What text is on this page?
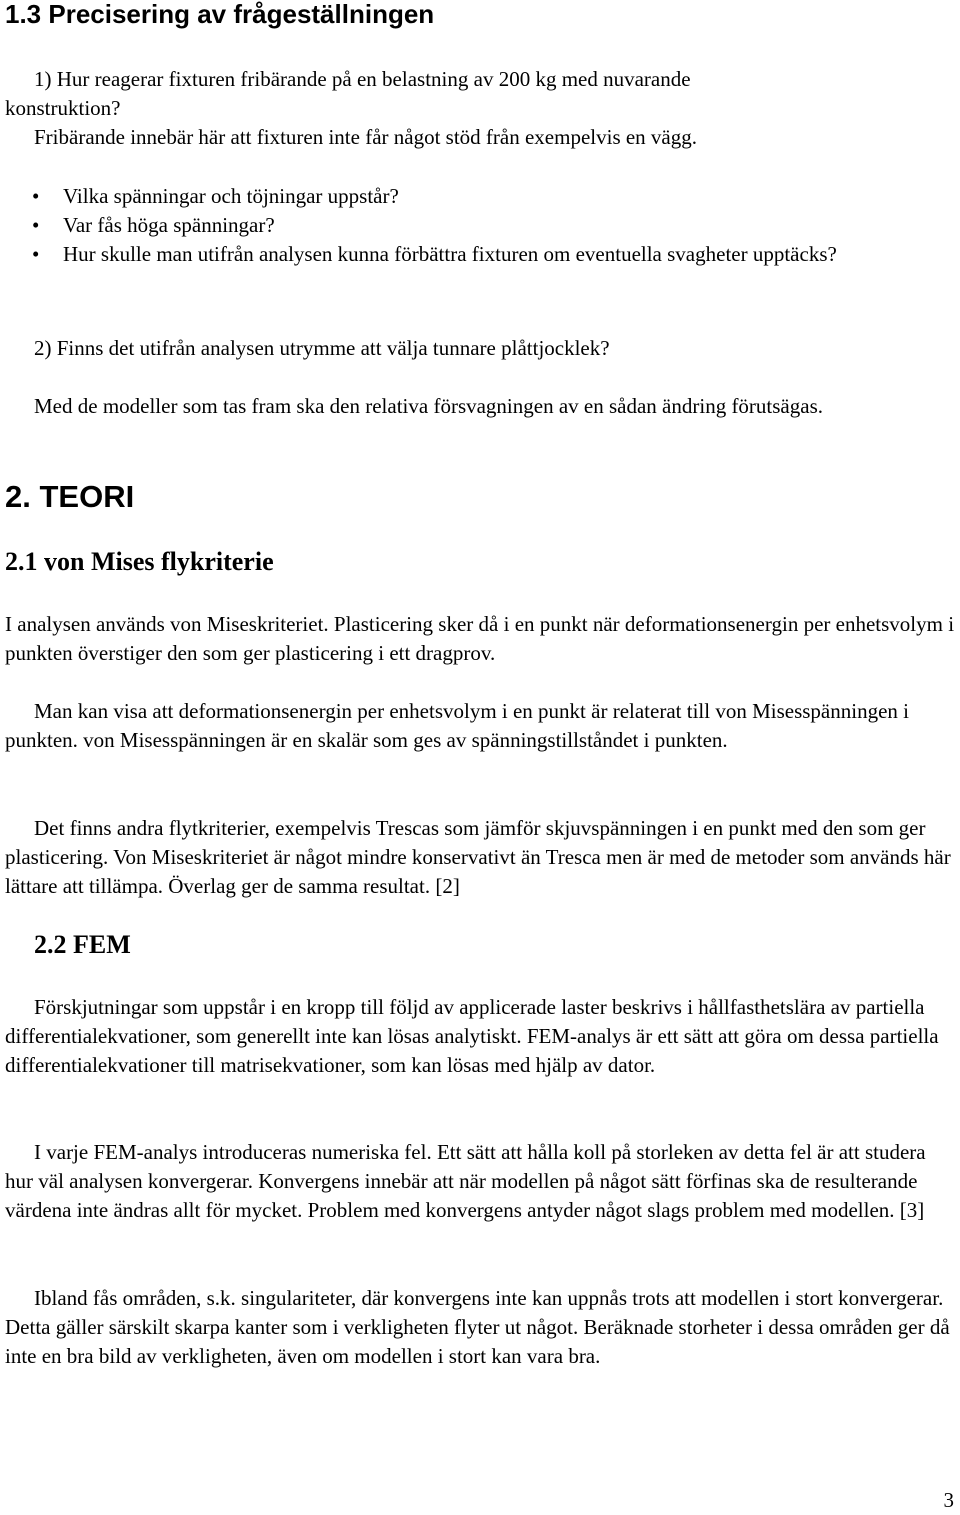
1.3 Precisering av frågeställningen

1) Hur reagerar fixturen fribärande på en belastning av 200 kg med nuvarande
konstruktion?
Fribärande innebär här att fixturen inte får något stöd från exempelvis en vägg.

• Vilka spänningar och töjningar uppstår?
• Var fås höga spänningar?
• Hur skulle man utifrån analysen kunna förbättra fixturen om eventuella svagheter upptäcks?

2) Finns det utifrån analysen utrymme att välja tunnare plåttjocklek?

Med de modeller som tas fram ska den relativa försvagningen av en sådan ändring förutsägas.

2. TEORI
2.1 von Mises flykriterie

I analysen används von Miseskriteriet. Plasticering sker då i en punkt när deformationsenergin per enhetsvolym i punkten överstiger den som ger plasticering i ett dragprov.

Man kan visa att deformationsenergin per enhetsvolym i en punkt är relaterat till von Misesspänningen i punkten. von Misesspänningen är en skalär som ges av spänningstillståndet i punkten.

Det finns andra flytkriterier, exempelvis Trescas som jämför skjuvspänningen i en punkt med den som ger plasticering. Von Miseskriteriet är något mindre konservativt än Tresca men är med de metoder som används här lättare att tillämpa. Överlag ger de samma resultat. [2]

2.2 FEM

Förskjutningar som uppstår i en kropp till följd av applicerade laster beskrivs i hållfasthetslära av partiella differentialekvationer, som generellt inte kan lösas analytiskt. FEM-analys är ett sätt att göra om dessa partiella differentialekvationer till matrisekvationer, som kan lösas med hjälp av dator.

I varje FEM-analys introduceras numeriska fel. Ett sätt att hålla koll på storleken av detta fel är att studera hur väl analysen konvergerar. Konvergens innebär att när modellen på något sätt förfinas ska de resulterande värdena inte ändras allt för mycket. Problem med konvergens antyder något slags problem med modellen. [3]

Ibland fås områden, s.k. singulariteter, där konvergens inte kan uppnås trots att modellen i stort konvergerar. Detta gäller särskilt skarpa kanter som i verkligheten flyter ut något. Beräknade storheter i dessa områden ger då inte en bra bild av verkligheten, även om modellen i stort kan vara bra.

3
